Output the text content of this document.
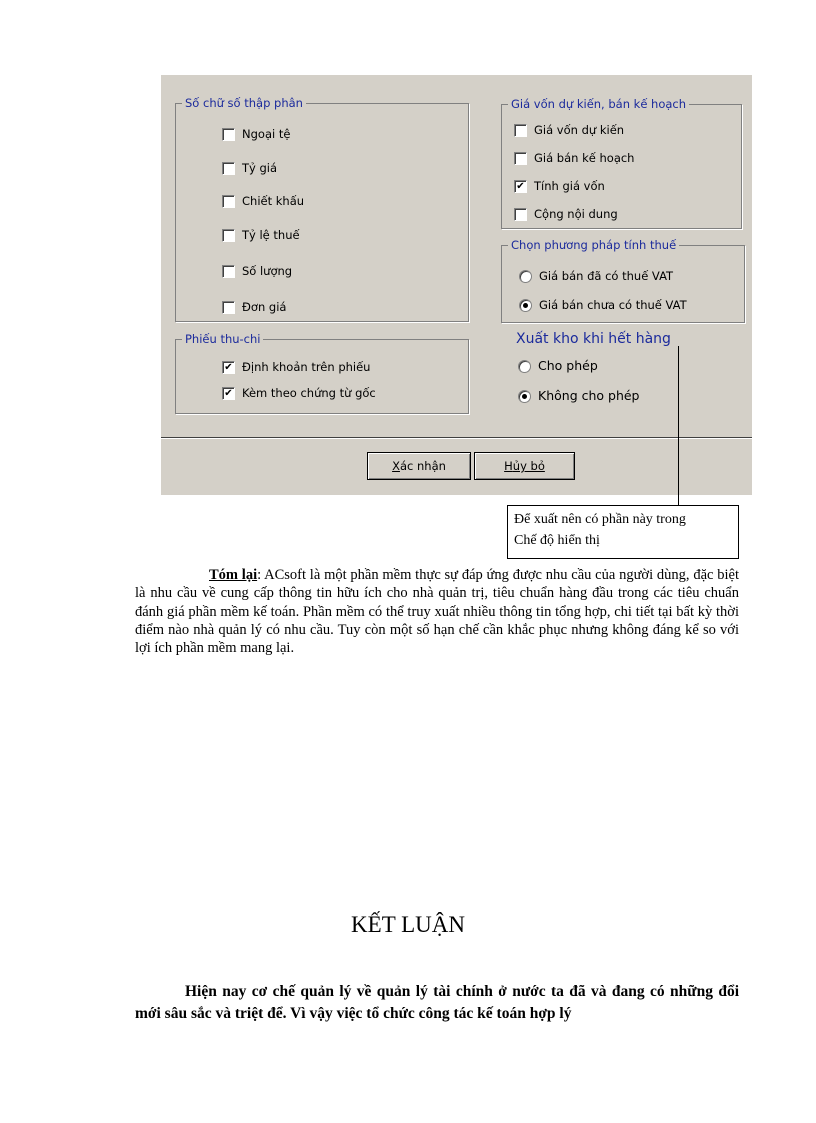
Số chữ số thập phân
Ngoại tệ
Tỷ giá
Chiết khấu
Tỷ lệ thuế
Số lượng
Đơn giá
Giá vốn dự kiến, bán kế hoạch
Giá vốn dự kiến
Giá bán kế hoạch
✔ Tính giá vốn
Cộng nội dung
Chọn phương pháp tính thuế
Giá bán đã có thuế VAT
Giá bán chưa có thuế VAT
Phiếu thu-chi
✔ Định khoản trên phiếu
✔ Kèm theo chứng từ gốc
Xuất kho khi hết hàng
Cho phép
Không cho phép
X ác nhận	H ủy bỏ
Để xuất nên có phần này trong
Chế độ hiển thị

Tóm lại: ACsoft là một phần mềm thực sự đáp ứng được nhu cầu của người dùng, đặc biệt là nhu cầu về cung cấp thông tin hữu ích cho nhà quản trị, tiêu chuẩn hàng đầu trong các tiêu chuẩn đánh giá phần mềm kế toán. Phần mềm có thể truy xuất nhiều thông tin tổng hợp, chi tiết tại bất kỳ thời điểm nào nhà quản lý có nhu cầu. Tuy còn một số hạn chế cần khắc phục nhưng không đáng kể so với lợi ích phần mềm mang lại.

KẾT LUẬN

Hiện nay cơ chế quản lý về quản lý tài chính ở nước ta đã và đang có những đổi mới sâu sắc và triệt để. Vì vậy việc tổ chức công tác kế toán hợp lý
